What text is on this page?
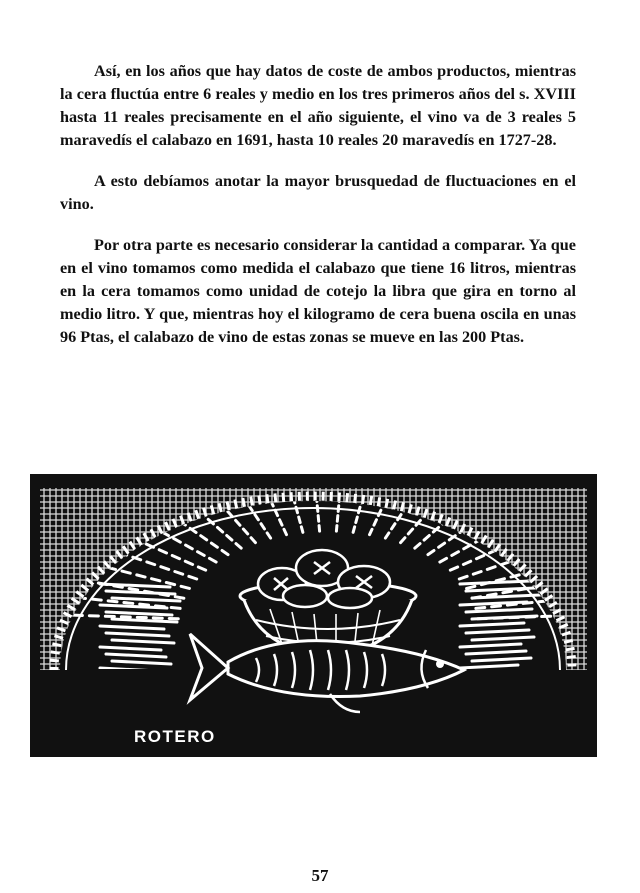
Así, en los años que hay datos de coste de ambos productos, mientras la cera fluctúa entre 6 reales y medio en los tres primeros años del s. XVIII hasta 11 reales precisamente en el año siguiente, el vino va de 3 reales 5 maravedís el calabazo en 1691, hasta 10 reales 20 maravedís en 1727-28.

A esto debíamos anotar la mayor brusquedad de fluctuaciones en el vino.

Por otra parte es necesario considerar la cantidad a comparar. Ya que en el vino tomamos como medida el calabazo que tiene 16 litros, mientras en la cera tomamos como unidad de cotejo la libra que gira en torno al medio litro. Y que, mientras hoy el kilogramo de cera buena oscila en unas 96 Ptas, el calabazo de vino de estas zonas se mueve en las 200 Ptas.

ROTERO
57
